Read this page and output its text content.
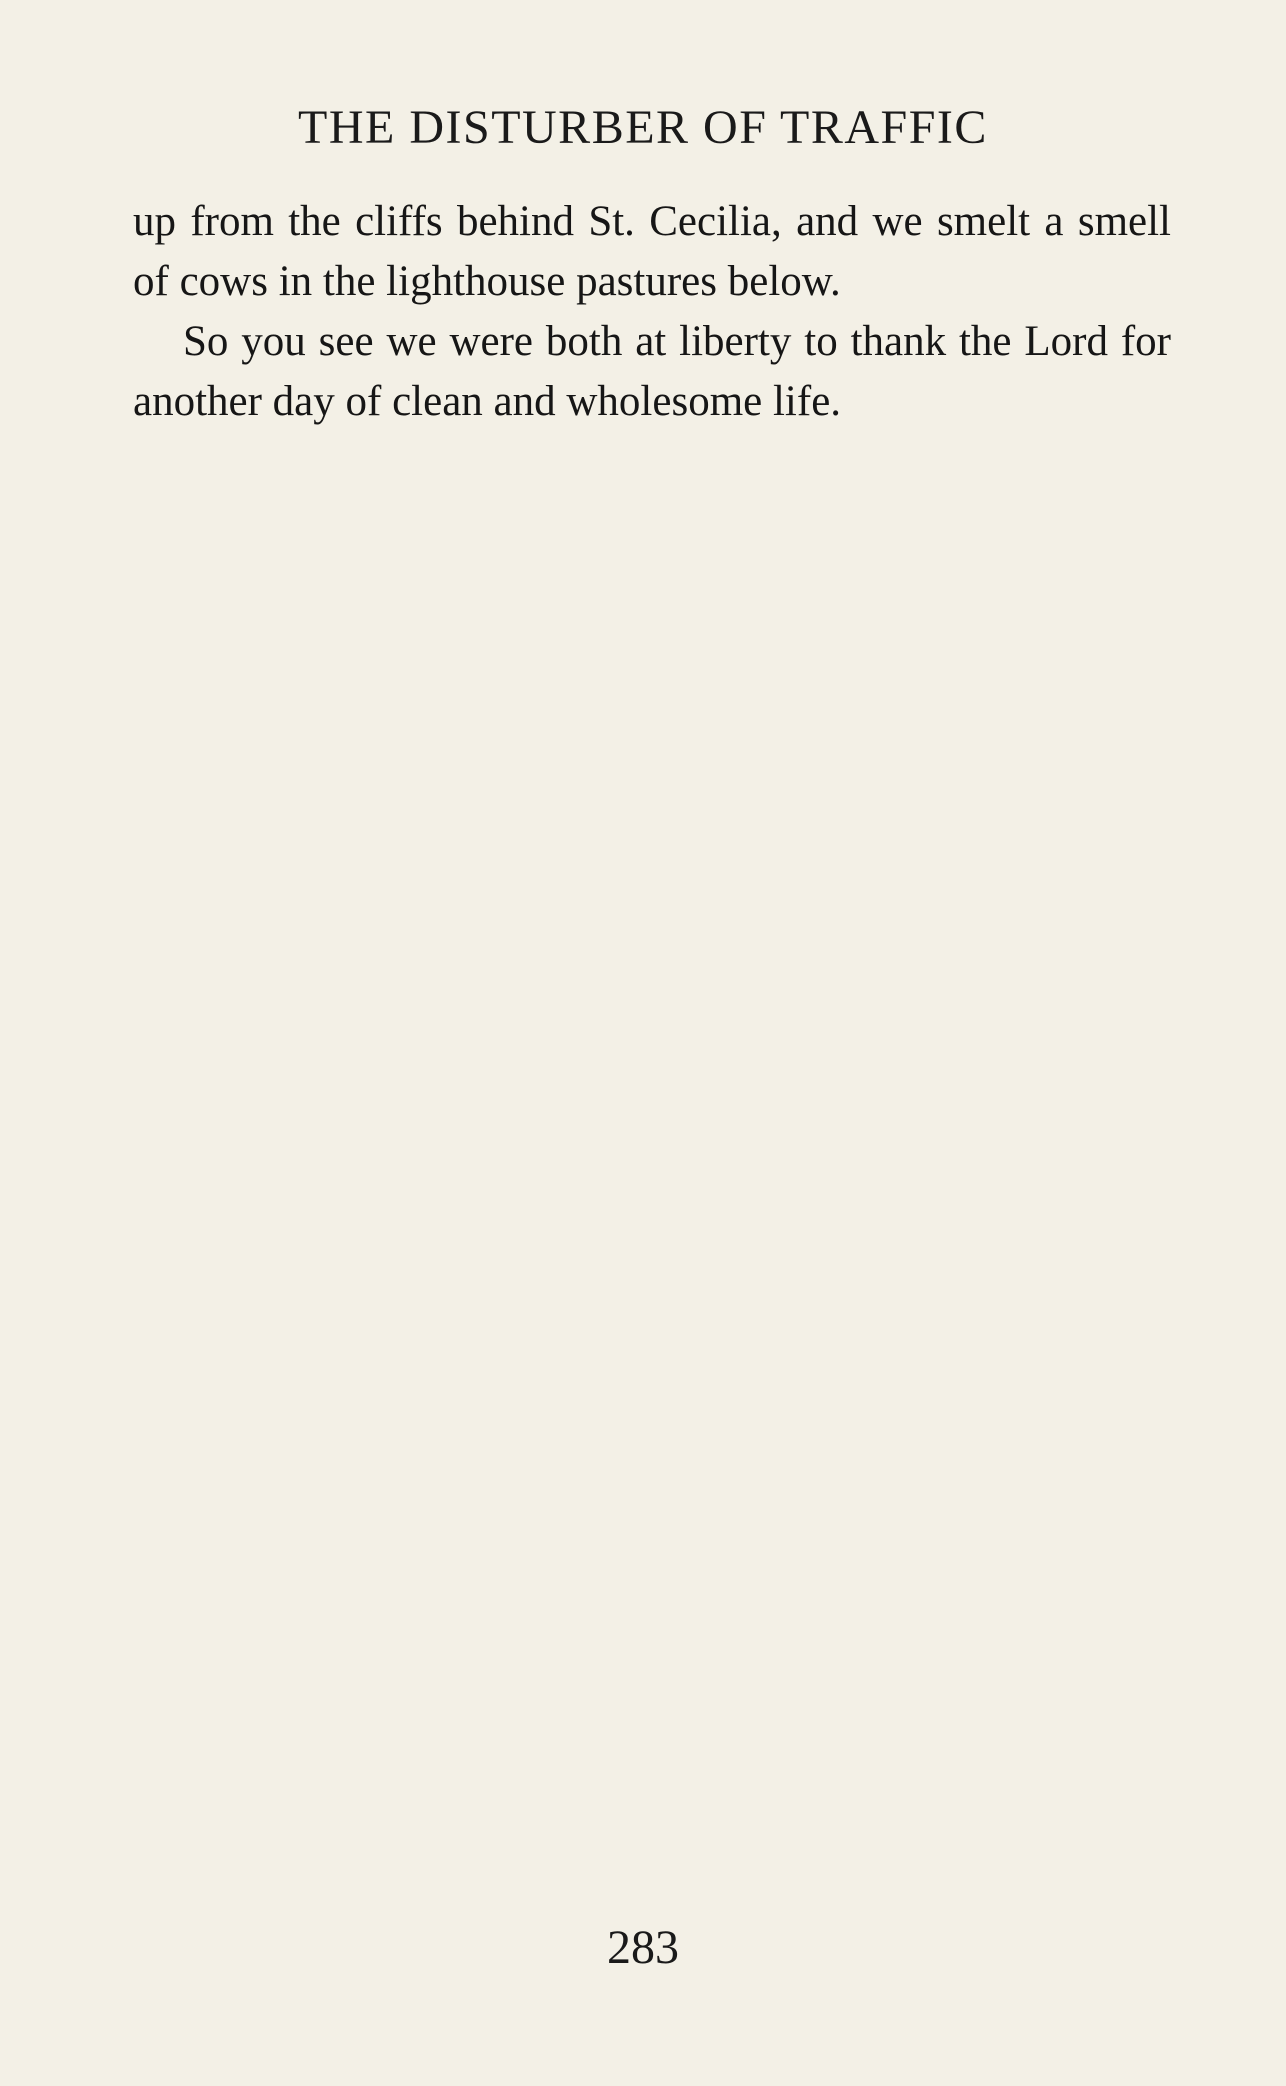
THE DISTURBER OF TRAFFIC

up from the cliffs behind St. Cecilia, and we smelt a smell of cows in the lighthouse pastures below.

So you see we were both at liberty to thank the Lord for another day of clean and wholesome life.

283
